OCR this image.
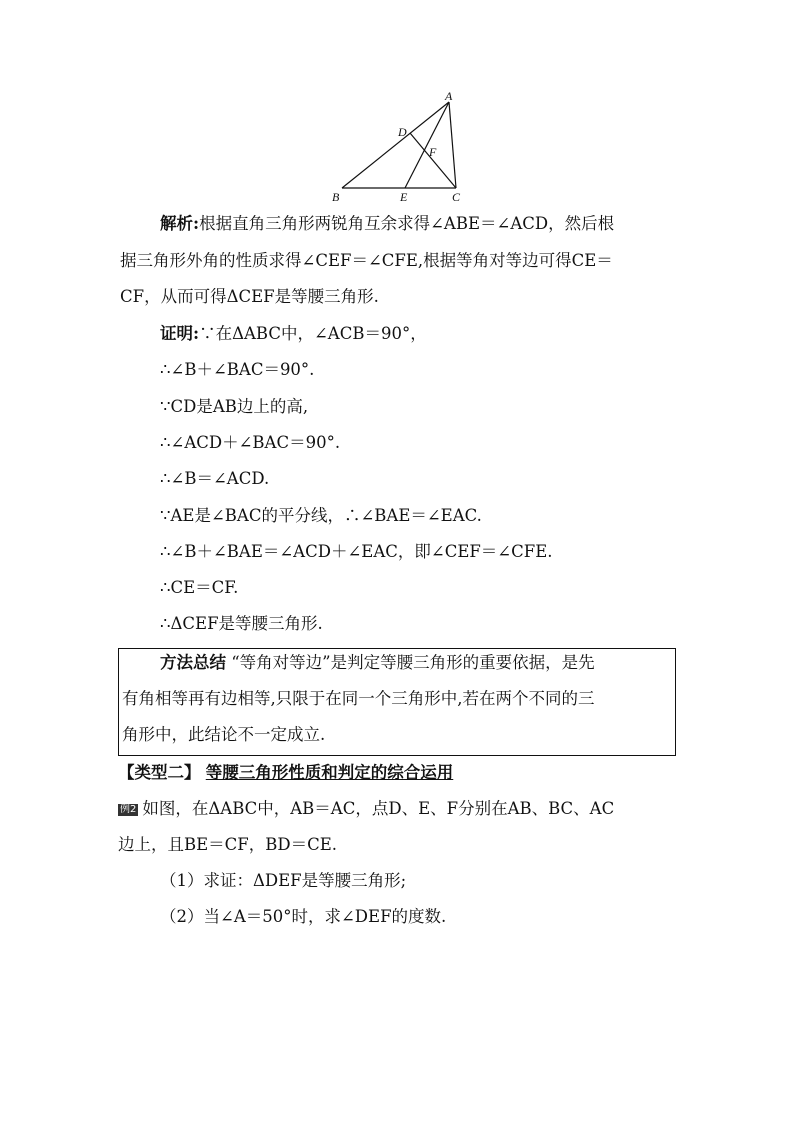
A
B	C
D
E
F
解析:根据直角三角形两锐角互余求得∠ABE＝∠ACD，然后根
据三角形外角的性质求得∠CEF＝∠CFE,根据等角对等边可得CE＝
CF，从而可得ΔCEF是等腰三角形.
证明:∵在ΔABC中，∠ACB＝90°，
∴∠B＋∠BAC＝90°.
∵CD是AB边上的高,
∴∠ACD＋∠BAC＝90°.
∴∠B＝∠ACD.
∵AE是∠BAC的平分线，∴∠BAE＝∠EAC.
∴∠B＋∠BAE＝∠ACD＋∠EAC，即∠CEF＝∠CFE.
∴CE＝CF.
∴ΔCEF是等腰三角形.
方法总结 “等角对等边”是判定等腰三角形的重要依据，是先
有角相等再有边相等,只限于在同一个三角形中,若在两个不同的三
角形中，此结论不一定成立.
【类型二】 等腰三角形性质和判定的综合运用
例2 如图，在ΔABC中，AB＝AC，点D、E、F分别在AB、BC、AC
边上，且BE＝CF，BD＝CE.
（1）求证：ΔDEF是等腰三角形;
（2）当∠A＝50°时，求∠DEF的度数.
